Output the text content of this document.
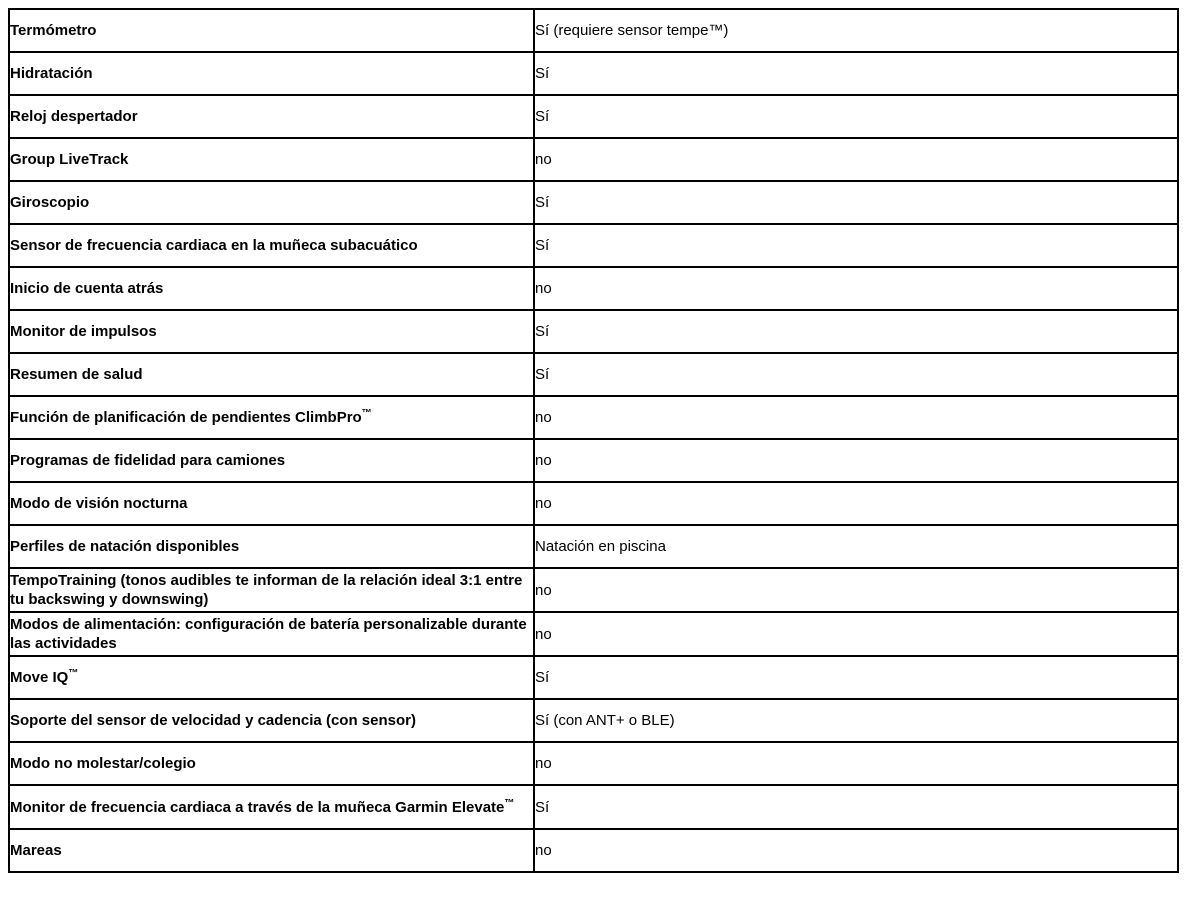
Termómetro	Sí (requiere sensor tempe™)
Hidratación	Sí
Reloj despertador	Sí
Group LiveTrack	no
Giroscopio	Sí
Sensor de frecuencia cardiaca en la muñeca subacuático	Sí
Inicio de cuenta atrás	no
Monitor de impulsos	Sí
Resumen de salud	Sí
Función de planificación de pendientes ClimbPro™	no
Programas de fidelidad para camiones	no
Modo de visión nocturna	no
Perfiles de natación disponibles	Natación en piscina
TempoTraining (tonos audibles te informan de la relación ideal 3:1 entre tu backswing y downswing)	no
Modos de alimentación: configuración de batería personalizable durante las actividades	no
Move IQ™	Sí
Soporte del sensor de velocidad y cadencia (con sensor)	Sí (con ANT+ o BLE)
Modo no molestar/colegio	no
Monitor de frecuencia cardiaca a través de la muñeca Garmin Elevate™	Sí
Mareas	no
